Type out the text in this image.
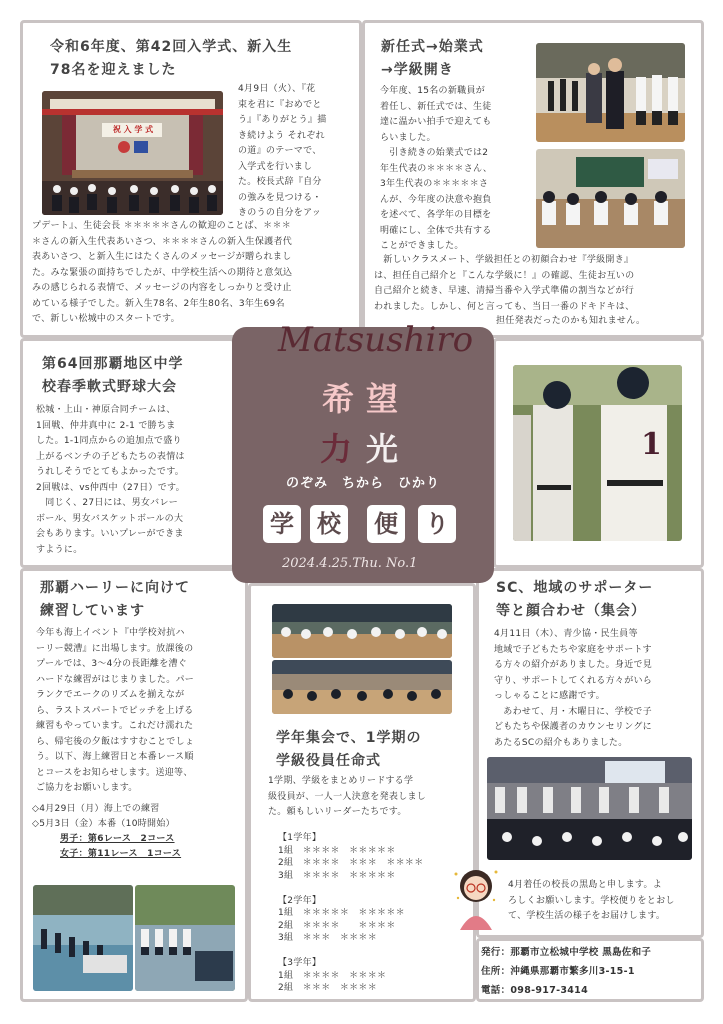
令和6年度、第42回入学式、新入生
78名を迎えました
祝 入 学 式
4月9日（火）、『花
束を君に『おめでと
う』『ありがとう』描
き続けよう それぞれ
の道』のテーマで、
入学式を行いまし
た。校長式辞『自分
の強みを見つける・
きのうの自分をアッ
プデート』、生徒会長 ＊＊＊＊＊さんの歓迎のことば、＊＊＊
＊さんの新入生代表あいさつ、＊＊＊＊さんの新入生保護者代
表あいさつ、と新入生にはたくさんのメッセージが贈られまし
た。みな緊張の面持ちでしたが、中学校生活への期待と意気込
みの感じられる表情で、メッセージの内容をしっかりと受け止
めている様子でした。新入生78名、2年生80名、3年生69名
で、新しい松城中のスタートです。
新任式→始業式
→学級開き
今年度、15名の新職員が
着任し、新任式では、生徒
達に温かい拍手で迎えても
らいました。
　引き続きの始業式では2
年生代表の＊＊＊＊さん、
3年生代表の＊＊＊＊＊さ
んが、今年度の決意や抱負
を述べて、各学年の目標を
明確にし、全体で共有する
ことができました。
　新しいクラスメート、学級担任との初顔合わせ『学級開き』
は、担任自己紹介と『こんな学級に！』の確認、生徒お互いの
自己紹介と続き、早速、清掃当番や入学式準備の割当などが行
われました。しかし、何と言っても、当日一番のドキドキは、
担任発表だったのかも知れません。
第64回那覇地区中学
校春季軟式野球大会
松城・上山・神原合同チームは、
1回戦、仲井真中に 2-1 で勝ちま
した。1-1同点からの追加点で盛り
上がるベンチの子どもたちの表情は
うれしそうでとてもよかったです。
2回戦は、vs仲西中（27日）です。
　同じく、27日には、男女バレー
ボール、男女バスケットボールの大
会もあります。いいプレーができま
すように。
1
Matsushiro
希 望
力 光
のぞみ　ちから　ひかり
学 校 便 り
2024.4.25.Thu. No.1
那覇ハーリーに向けて
練習しています
今年も海上イベント『中学校対抗ハ
ーリー競漕』に出場します。放課後の
プールでは、3～4分の長距離を漕ぐ
ハードな練習がはじまりました。パー
ランクでエークのリズムを揃えなが
ら、ラストスパートでピッチを上げる
練習もやっています。これだけ濡れた
ら、帰宅後の夕飯はすすむことでしょ
う。以下、海上練習日と本番レース順
とコースをお知らせします。送迎等、
ご協力をお願いします。
◇4月29日（月）海上での練習
◇5月3日（金）本番（10時開始）
男子：第6レース　2コース
女子：第11レース　1コース
学年集会で、1学期の
学級役員任命式
1学期、学級をまとめリードする学
級役員が、一人一人決意を発表しまし
た。頼もしいリーダーたちです。
【1学年】
1組　＊＊＊＊　＊＊＊＊＊
2組　＊＊＊＊　＊＊＊　＊＊＊＊
3組　＊＊＊＊　＊＊＊＊＊

【2学年】
1組　＊＊＊＊＊　＊＊＊＊＊
2組　＊＊＊＊　　＊＊＊＊
3組　＊＊＊　＊＊＊＊

【3学年】
1組　＊＊＊＊　＊＊＊＊
2組　＊＊＊　＊＊＊＊
SC、地域のサポーター
等と顔合わせ（集会）
4月11日（木）、青少協・民生員等
地域で子どもたちや家庭をサポートす
る方々の紹介がありました。身近で見
守り、サポートしてくれる方々がいら
っしゃることに感謝です。
　あわせて、月・木曜日に、学校で子
どもたちや保護者のカウンセリングに
あたるSCの紹介もありました。
4月着任の校長の黒島と申します。よ
ろしくお願いします。学校便りをとおし
て、学校生活の様子をお届けします。
発行：那覇市立松城中学校 黒島佐和子
住所：沖縄県那覇市繁多川3-15-1
電話：098-917-3414
